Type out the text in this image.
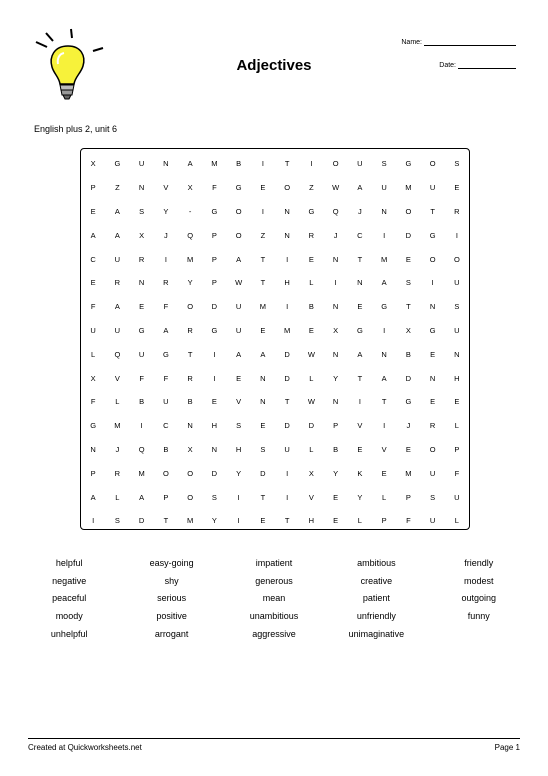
Adjectives
Name:
Date:
English plus 2, unit 6
X	G	U	N	A	M	B	I	T	I	O	U	S	G	O	S
P	Z	N	V	X	F	G	E	O	Z	W	A	U	M	U	E
E	A	S	Y	-	G	O	I	N	G	Q	J	N	O	T	R
A	A	X	J	Q	P	O	Z	N	R	J	C	I	D	G	I
C	U	R	I	M	P	A	T	I	E	N	T	M	E	O	O
E	R	N	R	Y	P	W	T	H	L	I	N	A	S	I	U
F	A	E	F	O	D	U	M	I	B	N	E	G	T	N	S
U	U	G	A	R	G	U	E	M	E	X	G	I	X	G	U
L	Q	U	G	T	I	A	A	D	W	N	A	N	B	E	N
X	V	F	F	R	I	E	N	D	L	Y	T	A	D	N	H
F	L	B	U	B	E	V	N	T	W	N	I	T	G	E	E
G	M	I	C	N	H	S	E	D	D	P	V	I	J	R	L
N	J	Q	B	X	N	H	S	U	L	B	E	V	E	O	P
P	R	M	O	O	D	Y	D	I	X	Y	K	E	M	U	F
A	L	A	P	O	S	I	T	I	V	E	Y	L	P	S	U
I	S	D	T	M	Y	I	E	T	H	E	L	P	F	U	L
helpful	easy-going	impatient	ambitious	friendly
negative	shy	generous	creative	modest
peaceful	serious	mean	patient	outgoing
moody	positive	unambitious	unfriendly	funny
unhelpful	arrogant	aggressive	unimaginative	
Created at Quickworksheets.net	Page 1
